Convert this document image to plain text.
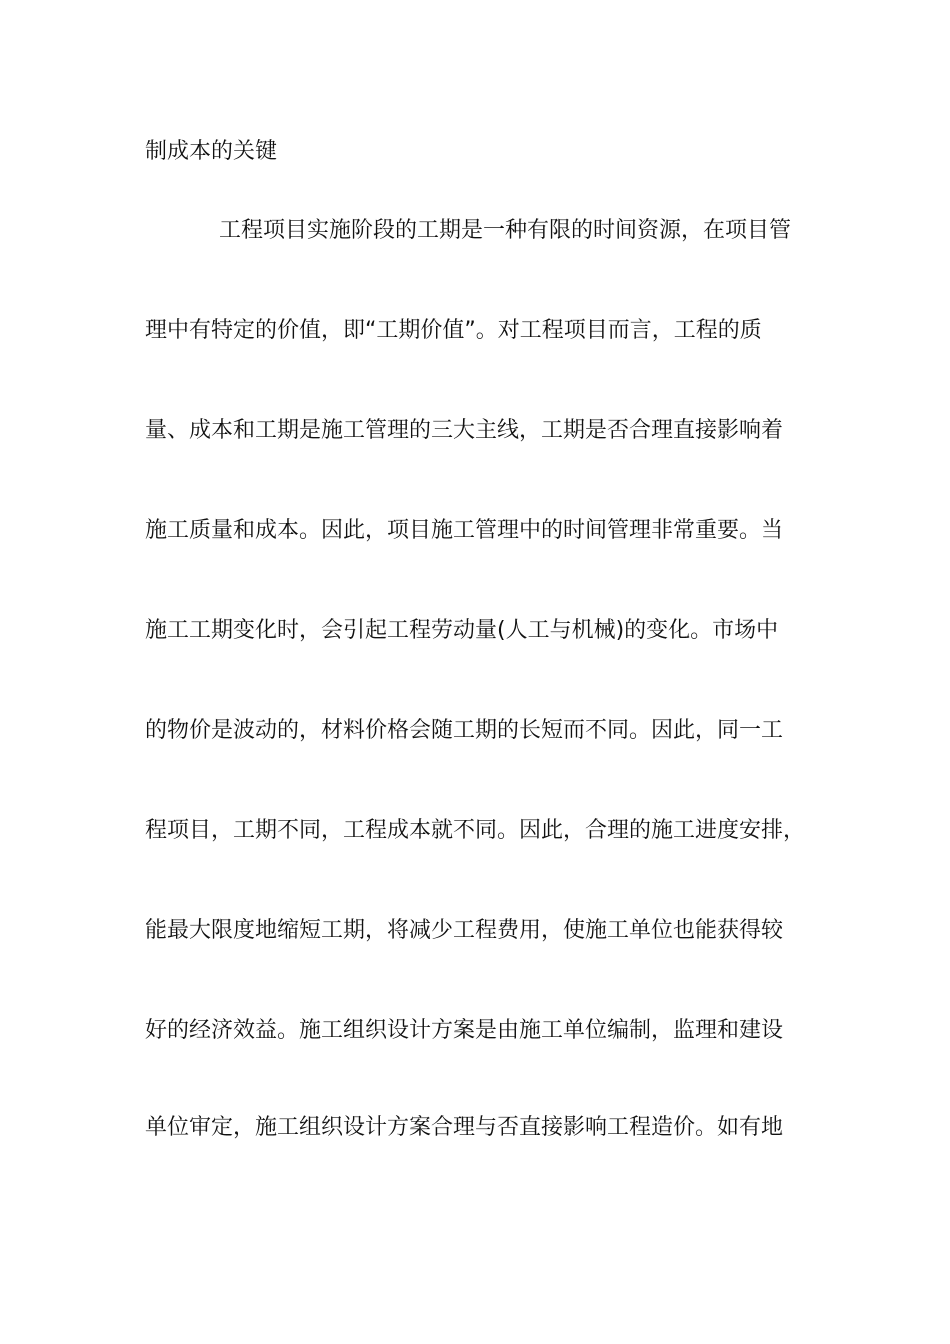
制成本的关键
工程项目实施阶段的工期是一种有限的时间资源，在项目管
理中有特定的价值，即“工期价值”。对工程项目而言，工程的质
量、成本和工期是施工管理的三大主线，工期是否合理直接影响着
施工质量和成本。因此，项目施工管理中的时间管理非常重要。当
施工工期变化时，会引起工程劳动量(人工与机械)的变化。市场中
的物价是波动的，材料价格会随工期的长短而不同。因此，同一工
程项目，工期不同，工程成本就不同。因此，合理的施工进度安排，
能最大限度地缩短工期，将减少工程费用，使施工单位也能获得较
好的经济效益。施工组织设计方案是由施工单位编制，监理和建设
单位审定，施工组织设计方案合理与否直接影响工程造价。如有地
